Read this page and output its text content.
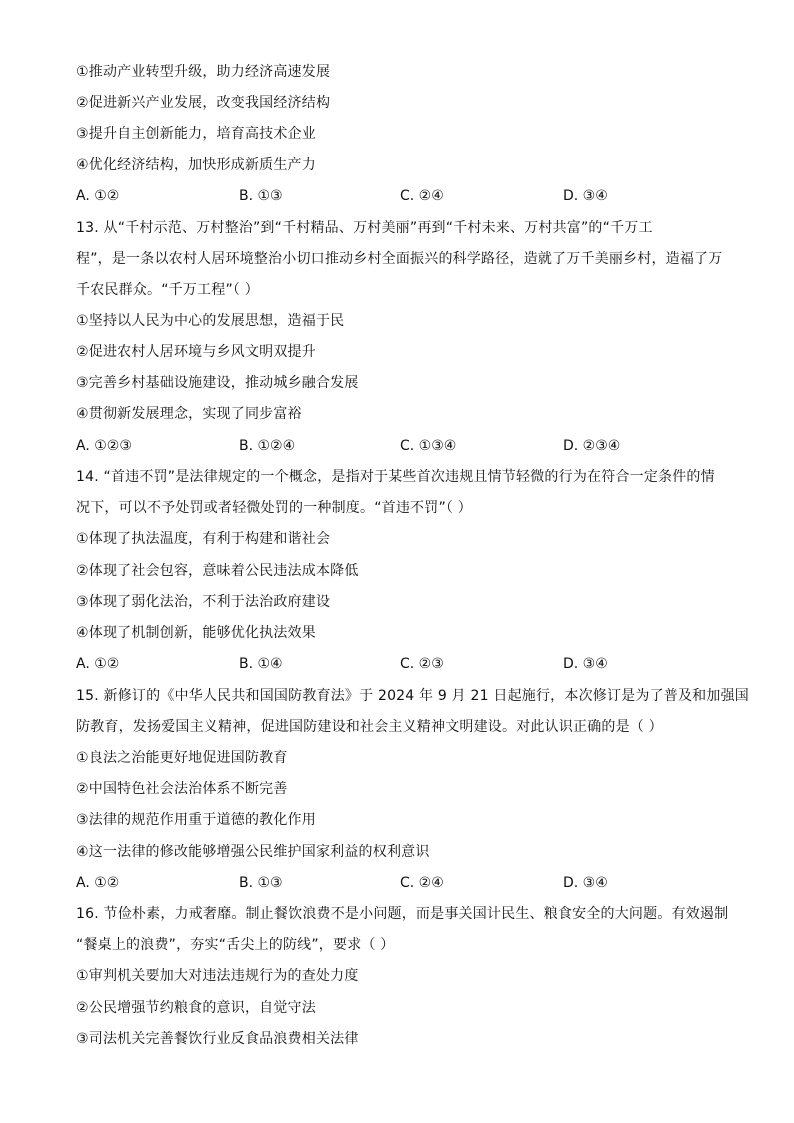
①推动产业转型升级，助力经济高速发展
②促进新兴产业发展，改变我国经济结构
③提升自主创新能力，培育高技术企业
④优化经济结构，加快形成新质生产力
A. ①②	B. ①③	C. ②④	D. ③④
13. 从“千村示范、万村整治”到“千村精品、万村美丽”再到“千村未来、万村共富”的“千万工
程”，是一条以农村人居环境整治小切口推动乡村全面振兴的科学路径，造就了万千美丽乡村，造福了万
千农民群众。“千万工程”（ ）
①坚持以人民为中心的发展思想，造福于民
②促进农村人居环境与乡风文明双提升
③完善乡村基础设施建设，推动城乡融合发展
④贯彻新发展理念，实现了同步富裕
A. ①②③	B. ①②④	C. ①③④	D. ②③④
14. “首违不罚”是法律规定的一个概念，是指对于某些首次违规且情节轻微的行为在符合一定条件的情
况下，可以不予处罚或者轻微处罚的一种制度。“首违不罚”（ ）
①体现了执法温度，有利于构建和谐社会
②体现了社会包容，意味着公民违法成本降低
③体现了弱化法治，不利于法治政府建设
④体现了机制创新，能够优化执法效果
A. ①②	B. ①④	C. ②③	D. ③④
15. 新修订的《中华人民共和国国防教育法》于 2024 年 9 月 21 日起施行，本次修订是为了普及和加强国
防教育，发扬爱国主义精神，促进国防建设和社会主义精神文明建设。对此认识正确的是（ ）
①良法之治能更好地促进国防教育
②中国特色社会法治体系不断完善
③法律的规范作用重于道德的教化作用
④这一法律的修改能够增强公民维护国家利益的权利意识
A. ①②	B. ①③	C. ②④	D. ③④
16. 节俭朴素，力戒奢靡。制止餐饮浪费不是小问题，而是事关国计民生、粮食安全的大问题。有效遏制
“餐桌上的浪费”，夯实“舌尖上的防线”，要求（ ）
①审判机关要加大对违法违规行为的查处力度
②公民增强节约粮食的意识，自觉守法
③司法机关完善餐饮行业反食品浪费相关法律
